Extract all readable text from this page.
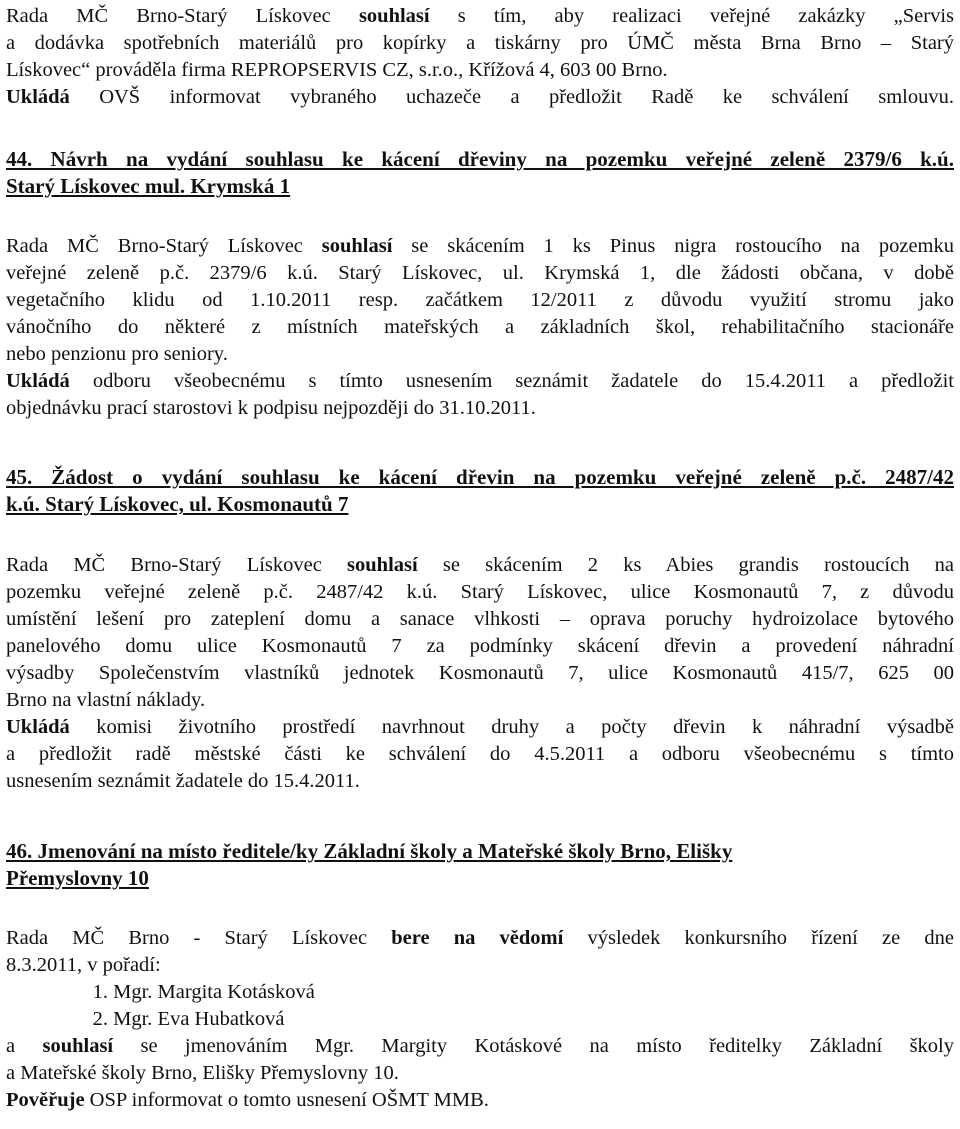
Rada MČ Brno-Starý Lískovec souhlasí s tím, aby realizaci veřejné zakázky „Servis
a dodávka spotřebních materiálů pro kopírky a tiskárny pro ÚMČ města Brna Brno – Starý
Lískovec“ prováděla firma REPROPSERVIS CZ, s.r.o., Křížová 4, 603 00 Brno.
Ukládá OVŠ informovat vybraného uchazeče a předložit Radě ke schválení smlouvu.
44. Návrh na vydání souhlasu ke kácení dřeviny na pozemku veřejné zeleně 2379/6 k.ú.
Starý Lískovec mul. Krymská 1
Rada MČ Brno-Starý Lískovec souhlasí se skácením 1 ks Pinus nigra rostoucího na pozemku
veřejné zeleně p.č. 2379/6 k.ú. Starý Lískovec, ul. Krymská 1, dle žádosti občana, v době
vegetačního klidu od 1.10.2011 resp. začátkem 12/2011 z důvodu využití stromu jako
vánočního do některé z místních mateřských a základních škol, rehabilitačního stacionáře
nebo penzionu pro seniory.
Ukládá odboru všeobecnému s tímto usnesením seznámit žadatele do 15.4.2011 a předložit
objednávku prací starostovi k podpisu nejpozději do 31.10.2011.
45. Žádost o vydání souhlasu ke kácení dřevin na pozemku veřejné zeleně p.č. 2487/42
k.ú. Starý Lískovec, ul. Kosmonautů 7
Rada MČ Brno-Starý Lískovec souhlasí se skácením 2 ks Abies grandis rostoucích na
pozemku veřejné zeleně p.č. 2487/42 k.ú. Starý Lískovec, ulice Kosmonautů 7, z důvodu
umístění lešení pro zateplení domu a sanace vlhkosti – oprava poruchy hydroizolace bytového
panelového domu ulice Kosmonautů 7 za podmínky skácení dřevin a provedení náhradní
výsadby Společenstvím vlastníků jednotek Kosmonautů 7, ulice Kosmonautů 415/7, 625 00
Brno na vlastní náklady.
Ukládá komisi životního prostředí navrhnout druhy a počty dřevin k náhradní výsadbě
a předložit radě městské části ke schválení do 4.5.2011 a odboru všeobecnému s tímto
usnesením seznámit žadatele do 15.4.2011.
46. Jmenování na místo ředitele/ky Základní školy a Mateřské školy Brno, Elišky
Přemyslovny 10
Rada MČ Brno - Starý Lískovec bere na vědomí výsledek konkursního řízení ze dne
8.3.2011, v pořadí:
1. Mgr. Margita Kotásková
2. Mgr. Eva Hubatková
a souhlasí se jmenováním Mgr. Margity Kotáskové na místo ředitelky Základní školy
a Mateřské školy Brno, Elišky Přemyslovny 10.
Pověřuje OSP informovat o tomto usnesení OŠMT MMB.
